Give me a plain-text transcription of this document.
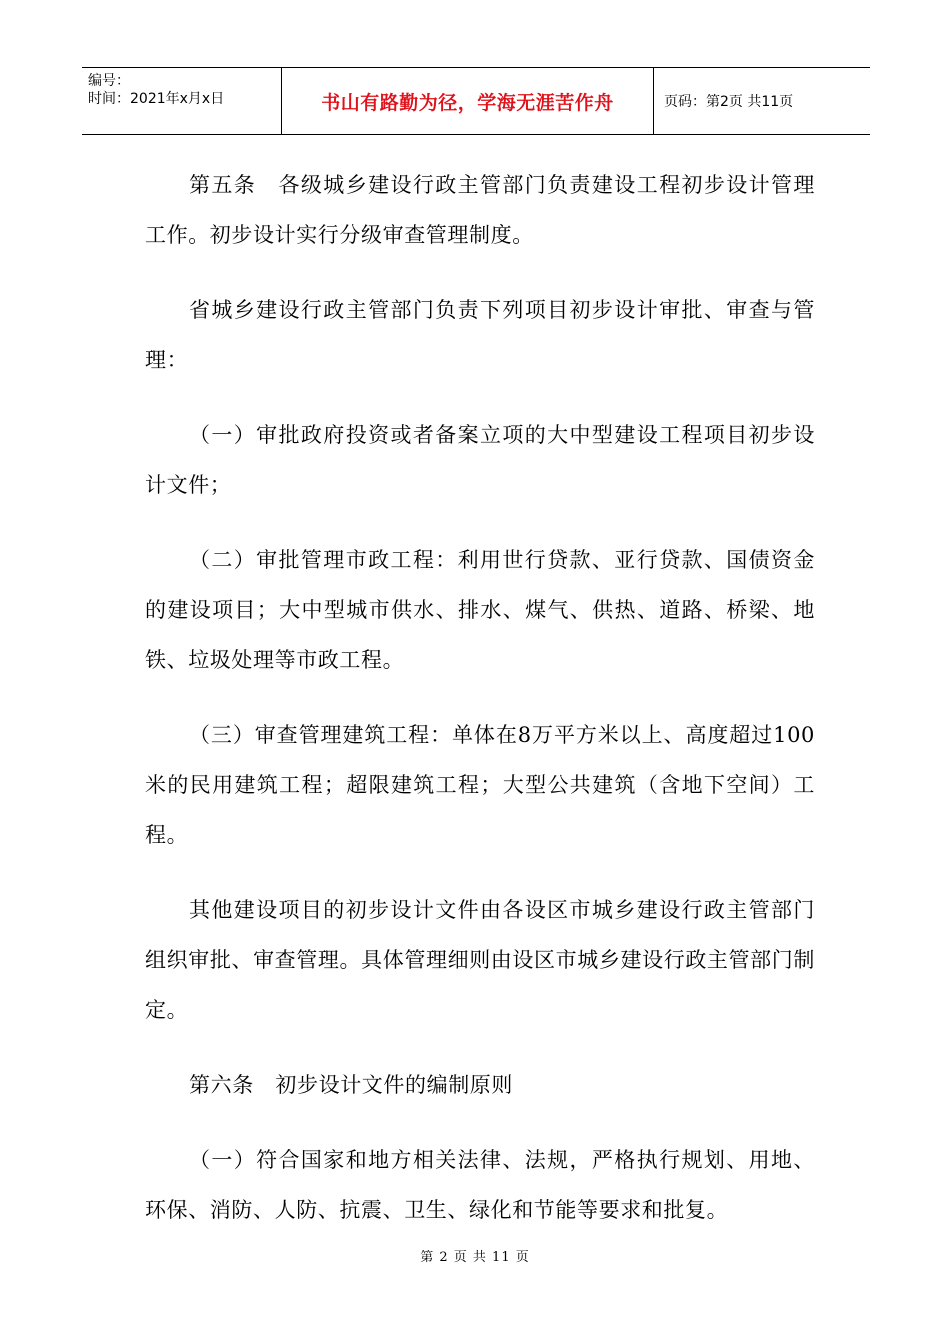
编号：
时间：2021年x月x日	书山有路勤为径，学海无涯苦作舟	页码：第2页 共11页

第五条　各级城乡建设行政主管部门负责建设工程初步设计管理工作。初步设计实行分级审查管理制度。

省城乡建设行政主管部门负责下列项目初步设计审批、审查与管理：

（一）审批政府投资或者备案立项的大中型建设工程项目初步设计文件；

（二）审批管理市政工程：利用世行贷款、亚行贷款、国债资金的建设项目；大中型城市供水、排水、煤气、供热、道路、桥梁、地铁、垃圾处理等市政工程。

（三）审查管理建筑工程：单体在8万平方米以上、高度超过100米的民用建筑工程；超限建筑工程；大型公共建筑（含地下空间）工程。

其他建设项目的初步设计文件由各设区市城乡建设行政主管部门组织审批、审查管理。具体管理细则由设区市城乡建设行政主管部门制定。

第六条　初步设计文件的编制原则

（一）符合国家和地方相关法律、法规，严格执行规划、用地、环保、消防、人防、抗震、卫生、绿化和节能等要求和批复。

第 2 页 共 11 页
